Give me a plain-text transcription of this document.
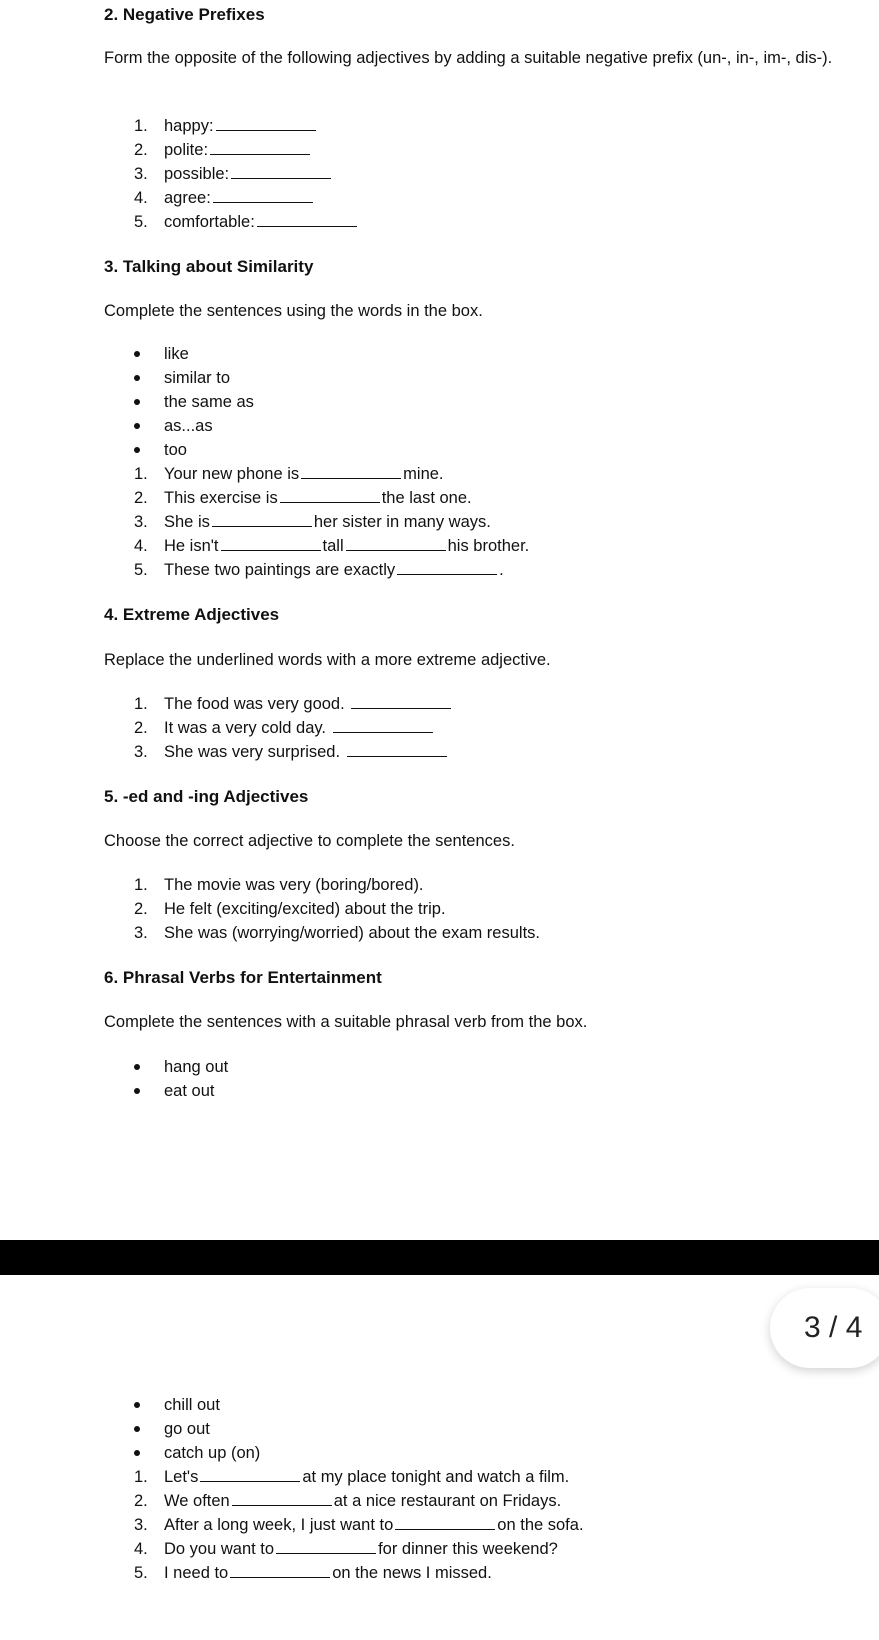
2. Negative Prefixes
Form the opposite of the following adjectives by adding a suitable negative prefix (un-, in-, im-, dis-).
1. happy:
2. polite:
3. possible:
4. agree:
5. comfortable:
3. Talking about Similarity
Complete the sentences using the words in the box.
like
similar to
the same as
as...as
too
1. Your new phone is	mine.
2. This exercise is	the last one.
3. She is	her sister in many ways.
4. He isn't	tall	his brother.
5. These two paintings are exactly	.
4. Extreme Adjectives
Replace the underlined words with a more extreme adjective.
1. The food was very good.
2. It was a very cold day.
3. She was very surprised.
5. -ed and -ing Adjectives
Choose the correct adjective to complete the sentences.
1. The movie was very (boring/bored).
2. He felt (exciting/excited) about the trip.
3. She was (worrying/worried) about the exam results.
6. Phrasal Verbs for Entertainment
Complete the sentences with a suitable phrasal verb from the box.
hang out
eat out
3 / 4
chill out
go out
catch up (on)
1. Let's	at my place tonight and watch a film.
2. We often	at a nice restaurant on Fridays.
3. After a long week, I just want to	on the sofa.
4. Do you want to	for dinner this weekend?
5. I need to	on the news I missed.
